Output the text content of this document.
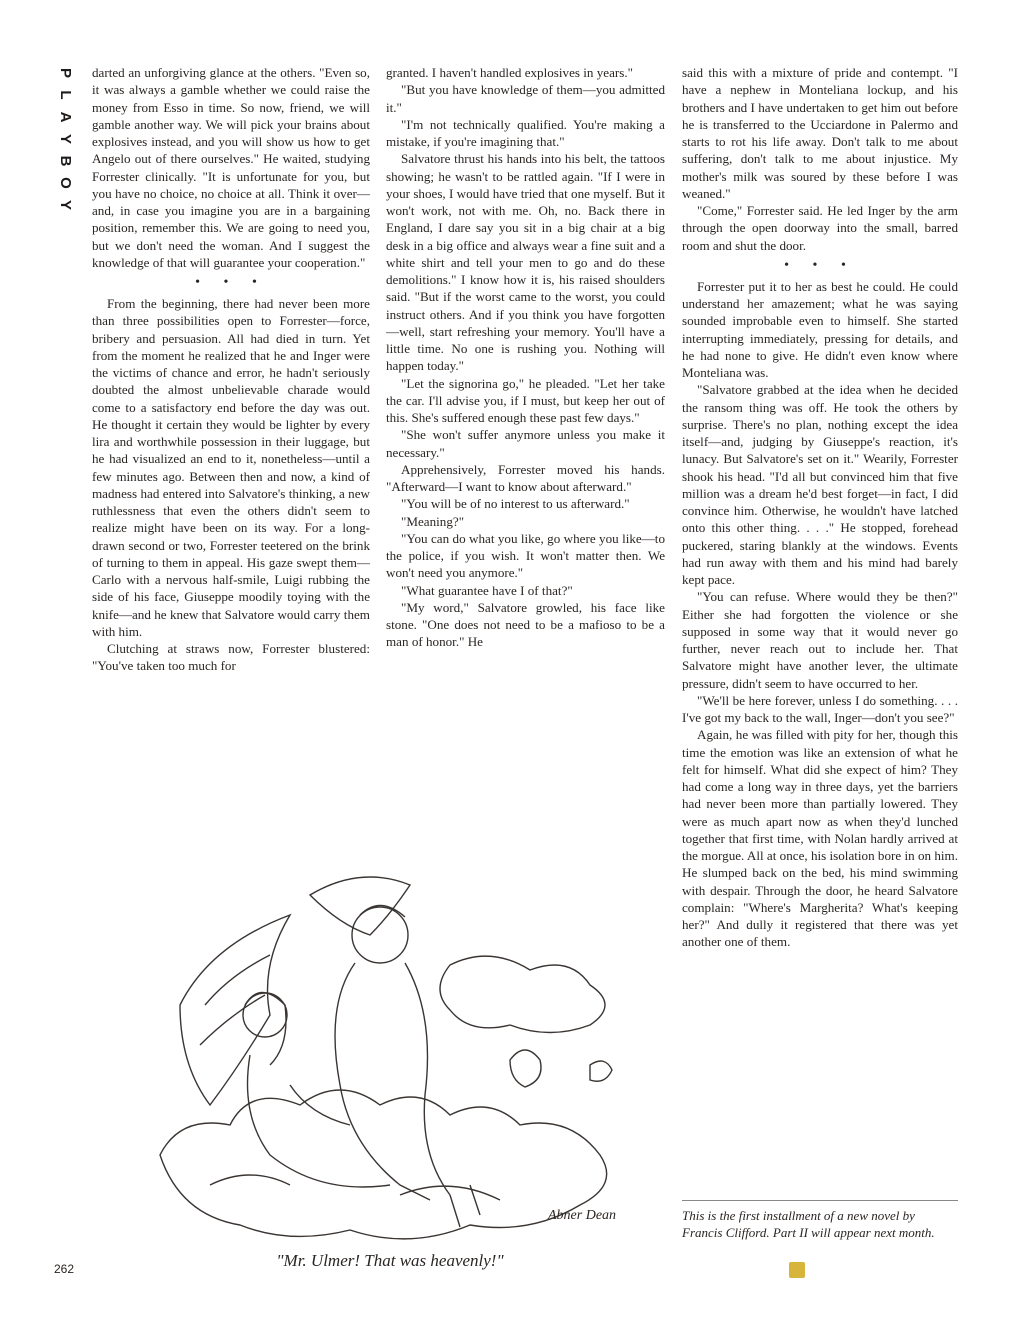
P
L
A
Y
B
O
Y

darted an unforgiving glance at the others. "Even so, it was always a gamble whether we could raise the money from Esso in time. So now, friend, we will gamble another way. We will pick your brains about explosives instead, and you will show us how to get Angelo out of there ourselves." He waited, studying Forrester clinically. "It is unfortunate for you, but you have no choice, no choice at all. Think it over—and, in case you imagine you are in a bargaining position, remember this. We are going to need you, but we don't need the woman. And I suggest the knowledge of that will guarantee your cooperation."

• • •

From the beginning, there had never been more than three possibilities open to Forrester—force, bribery and persuasion. All had died in turn. Yet from the moment he realized that he and Inger were the victims of chance and error, he hadn't seriously doubted the almost unbelievable charade would come to a satisfactory end before the day was out. He thought it certain they would be lighter by every lira and worthwhile possession in their luggage, but he had visualized an end to it, nonetheless—until a few minutes ago. Between then and now, a kind of madness had entered into Salvatore's thinking, a new ruthlessness that even the others didn't seem to realize might have been on its way. For a long-drawn second or two, Forrester teetered on the brink of turning to them in appeal. His gaze swept them—Carlo with a nervous half-smile, Luigi rubbing the side of his face, Giuseppe moodily toying with the knife—and he knew that Salvatore would carry them with him.

Clutching at straws now, Forrester blustered: "You've taken too much for

granted. I haven't handled explosives in years."

"But you have knowledge of them—you admitted it."

"I'm not technically qualified. You're making a mistake, if you're imagining that."

Salvatore thrust his hands into his belt, the tattoos showing; he wasn't to be rattled again. "If I were in your shoes, I would have tried that one myself. But it won't work, not with me. Oh, no. Back there in England, I dare say you sit in a big chair at a big desk in a big office and always wear a fine suit and a white shirt and tell your men to go and do these demolitions." I know how it is, his raised shoulders said. "But if the worst came to the worst, you could instruct others. And if you think you have forgotten—well, start refreshing your memory. You'll have a little time. No one is rushing you. Nothing will happen today."

"Let the signorina go," he pleaded. "Let her take the car. I'll advise you, if I must, but keep her out of this. She's suffered enough these past few days."

"She won't suffer anymore unless you make it necessary."

Apprehensively, Forrester moved his hands. "Afterward—I want to know about afterward."

"You will be of no interest to us afterward."

"Meaning?"

"You can do what you like, go where you like—to the police, if you wish. It won't matter then. We won't need you anymore."

"What guarantee have I of that?"

"My word," Salvatore growled, his face like stone. "One does not need to be a mafioso to be a man of honor." He

said this with a mixture of pride and contempt. "I have a nephew in Monteliana lockup, and his brothers and I have undertaken to get him out before he is transferred to the Ucciardone in Palermo and starts to rot his life away. Don't talk to me about suffering, don't talk to me about injustice. My mother's milk was soured by these before I was weaned."

"Come," Forrester said. He led Inger by the arm through the open doorway into the small, barred room and shut the door.

• • •

Forrester put it to her as best he could. He could understand her amazement; what he was saying sounded improbable even to himself. She started interrupting immediately, pressing for details, and he had none to give. He didn't even know where Monteliana was.

"Salvatore grabbed at the idea when he decided the ransom thing was off. He took the others by surprise. There's no plan, nothing except the idea itself—and, judging by Giuseppe's reaction, it's lunacy. But Salvatore's set on it." Wearily, Forrester shook his head. "I'd all but convinced him that five million was a dream he'd best forget—in fact, I did convince him. Otherwise, he wouldn't have latched onto this other thing. . . ." He stopped, forehead puckered, staring blankly at the windows. Events had run away with them and his mind had barely kept pace.

"You can refuse. Where would they be then?" Either she had forgotten the violence or she supposed in some way that it would never go further, never reach out to include her. That Salvatore might have another lever, the ultimate pressure, didn't seem to have occurred to her.

"We'll be here forever, unless I do something. . . . I've got my back to the wall, Inger—don't you see?"

Again, he was filled with pity for her, though this time the emotion was like an extension of what he felt for himself. What did she expect of him? They had come a long way in three days, yet the barriers had never been more than partially lowered. They were as much apart now as when they'd lunched together that first time, with Nolan hardly arrived at the morgue. All at once, his isolation bore in on him. He slumped back on the bed, his mind swimming with despair. Through the door, he heard Salvatore complain: "Where's Margherita? What's keeping her?" And dully it registered that there was yet another one of them.

Abner Dean
"Mr. Ulmer! That was heavenly!"
262
This is the first installment of a new novel by Francis Clifford. Part II will appear next month.
